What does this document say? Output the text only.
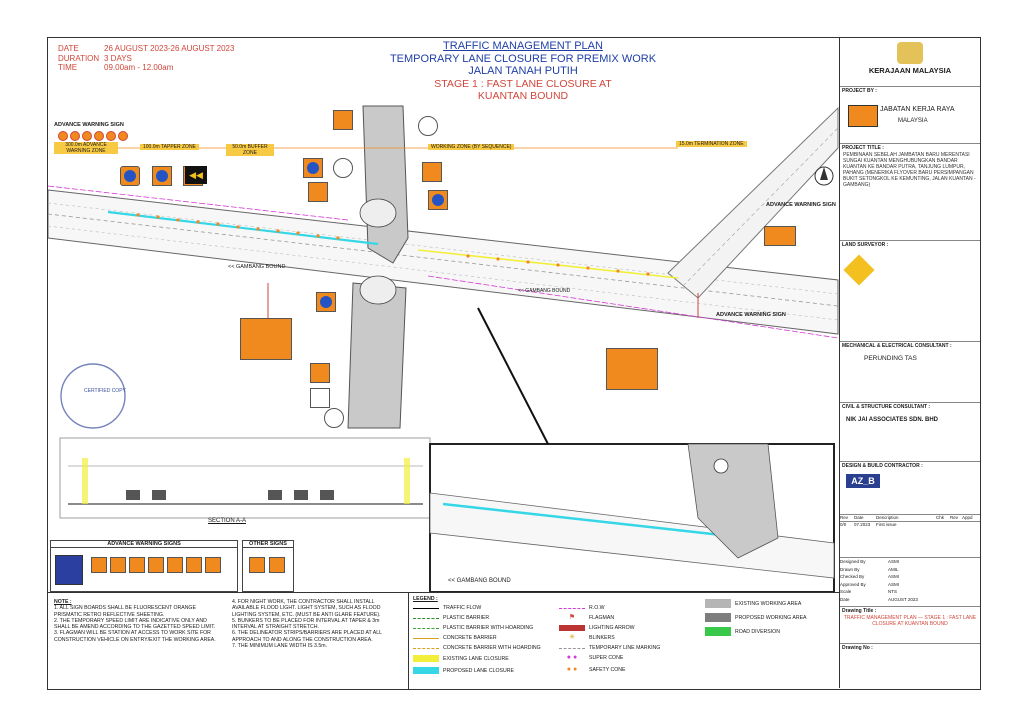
DATE	26 AUGUST 2023-26 AUGUST 2023
DURATION 3 DAYS
TIME	09.00am - 12.00am
TRAFFIC MANAGEMENT PLAN
TEMPORARY LANE CLOSURE FOR PREMIX WORK
JALAN TANAH PUTIH
STAGE 1 : FAST LANE CLOSURE AT
KUANTAN BOUND
ADVANCE WARNING SIGN
300.0m ADVANCE WARNING ZONE
100.0m TAPPER ZONE	50.0m BUFFER ZONE
WORKING ZONE (BY SEQUENCE)	15.0m TERMINATION ZONE
ADVANCE WARNING SIGN
ADVANCE WARNING SIGN
<< GAMBANG BOUND
<< GAMBANG BOUND
<< GAMBANG BOUND
SECTION A-A
CERTIFIED COPY
◀◀
ADVANCE WARNING SIGNS	OTHER SIGNS
NOTE :
1. ALL SIGN BOARDS SHALL BE FLUORESCENT ORANGE PRISMATIC RETRO REFLECTIVE SHEETING.
2. THE TEMPORARY SPEED LIMIT ARE INDICATIVE ONLY AND SHALL BE AMEND ACCORDING TO THE GAZETTED SPEED LIMIT.
3. FLAGMAN WILL BE STATION AT ACCESS TO WORK SITE FOR CONSTRUCTION VEHICLE ON ENTRY/EXIT THE WORKING AREA.
4. FOR NIGHT WORK, THE CONTRACTOR SHALL INSTALL AVAILABLE FLOOD LIGHT. LIGHT SYSTEM, SUCH AS FLOOD LIGHTING SYSTEM, ETC. (MUST BE ANTI GLARE FEATURE).
5. BUNKERS TO BE PLACED FOR INTERVAL AT TAPER & 3m INTERVAL AT STRAIGHT STRETCH.
6. THE DELINEATOR STRIPS/BARRIERS ARE PLACED AT ALL APPROACH TO AND ALONG THE CONSTRUCTION AREA.
7. THE MINIMUM LANE WIDTH IS 3.5m.
LEGEND :
TRAFFIC FLOW
PLASTIC BARRIER
PLASTIC BARRIER WITH HOARDING
CONCRETE BARRIER
CONCRETE BARRIER WITH HOARDING
EXISTING LANE CLOSURE
PROPOSED LANE CLOSURE
R.O.W
⚑	FLAGMAN
LIGHTING ARROW
✳	BLINKERS
TEMPORARY LINE MARKING
● ●	SUPER CONE
● ●	SAFETY CONE
EXISTING WORKING AREA
PROPOSED WORKING AREA
ROAD DIVERSION
KERAJAAN MALAYSIA
PROJECT BY :
JABATAN KERJA RAYA
MALAYSIA
PROJECT TITLE :
PEMBINAAN SEBELAH JAMBATAN BARU MERENTASI SUNGAI KUANTAN MENGHUBUNGKAN BANDAR KUANTAN KE BANDAR PUTRA, TANJUNG LUMPUR, PAHANG (MENERIKA FLYOVER BARU PERSIMPANGAN BUKIT SETONGKOL KE KEMUNTING, JALAN KUANTAN - GAMBANG)
LAND SURVEYOR :
MECHANICAL & ELECTRICAL CONSULTANT :
PERUNDING TAS
CIVIL & STRUCTURE CONSULTANT :
NIK JAI ASSOCIATES SDN. BHD
DESIGN & BUILD CONTRACTOR :
AZ_B
Rev	Date	Description	Chk	Rev Appd
0/0	07.2023	First issue
Designed By	ASMI
Drawn By	AMIL
Checked By	ASMI
Approved By	ASMI
Scale	NTS
Date	AUGUST 2023
Drawing Title :
TRAFFIC MANAGEMENT PLAN — STAGE 1 : FAST LANE CLOSURE AT KUANTAN BOUND
Drawing No :
